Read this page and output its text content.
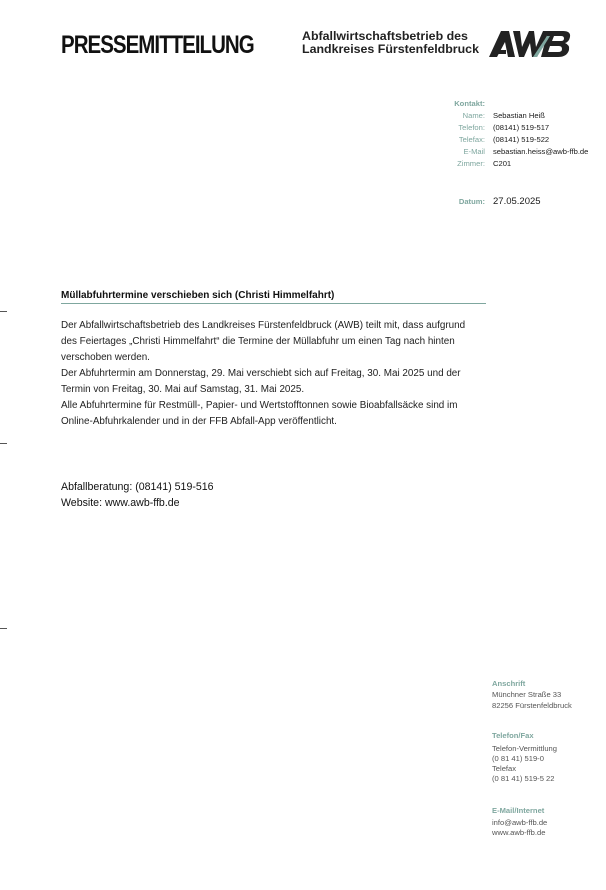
PRESSEMITTEILUNG	Abfallwirtschaftsbetrieb des
Landkreises Fürstenfeldbruck
Kontakt:
Name: Sebastian Heiß
Telefon: (08141) 519-517
Telefax: (08141) 519-522
E-Mail sebastian.heiss@awb-ffb.de
Zimmer: C201
Datum: 27.05.2025
Müllabfuhrtermine verschieben sich (Christi Himmelfahrt)

Der Abfallwirtschaftsbetrieb des Landkreises Fürstenfeldbruck (AWB) teilt mit, dass aufgrund des Feiertages „Christi Himmelfahrt“ die Termine der Müllabfuhr um einen Tag nach hinten verschoben werden.

Der Abfuhrtermin am Donnerstag, 29. Mai verschiebt sich auf Freitag, 30. Mai 2025 und der Termin von Freitag, 30. Mai auf Samstag, 31. Mai 2025.

Alle Abfuhrtermine für Restmüll-, Papier- und Wertstofftonnen sowie Bioabfallsäcke sind im Online-Abfuhrkalender und in der FFB Abfall-App veröffentlicht.

Abfallberatung: (08141) 519-516
Website: www.awb-ffb.de
Anschrift
Münchner Straße 33
82256 Fürstenfeldbruck
Telefon/Fax
Telefon-Vermittlung
(0 81 41) 519-0
Telefax
(0 81 41) 519-5 22
E-Mail/Internet
info@awb-ffb.de
www.awb-ffb.de
